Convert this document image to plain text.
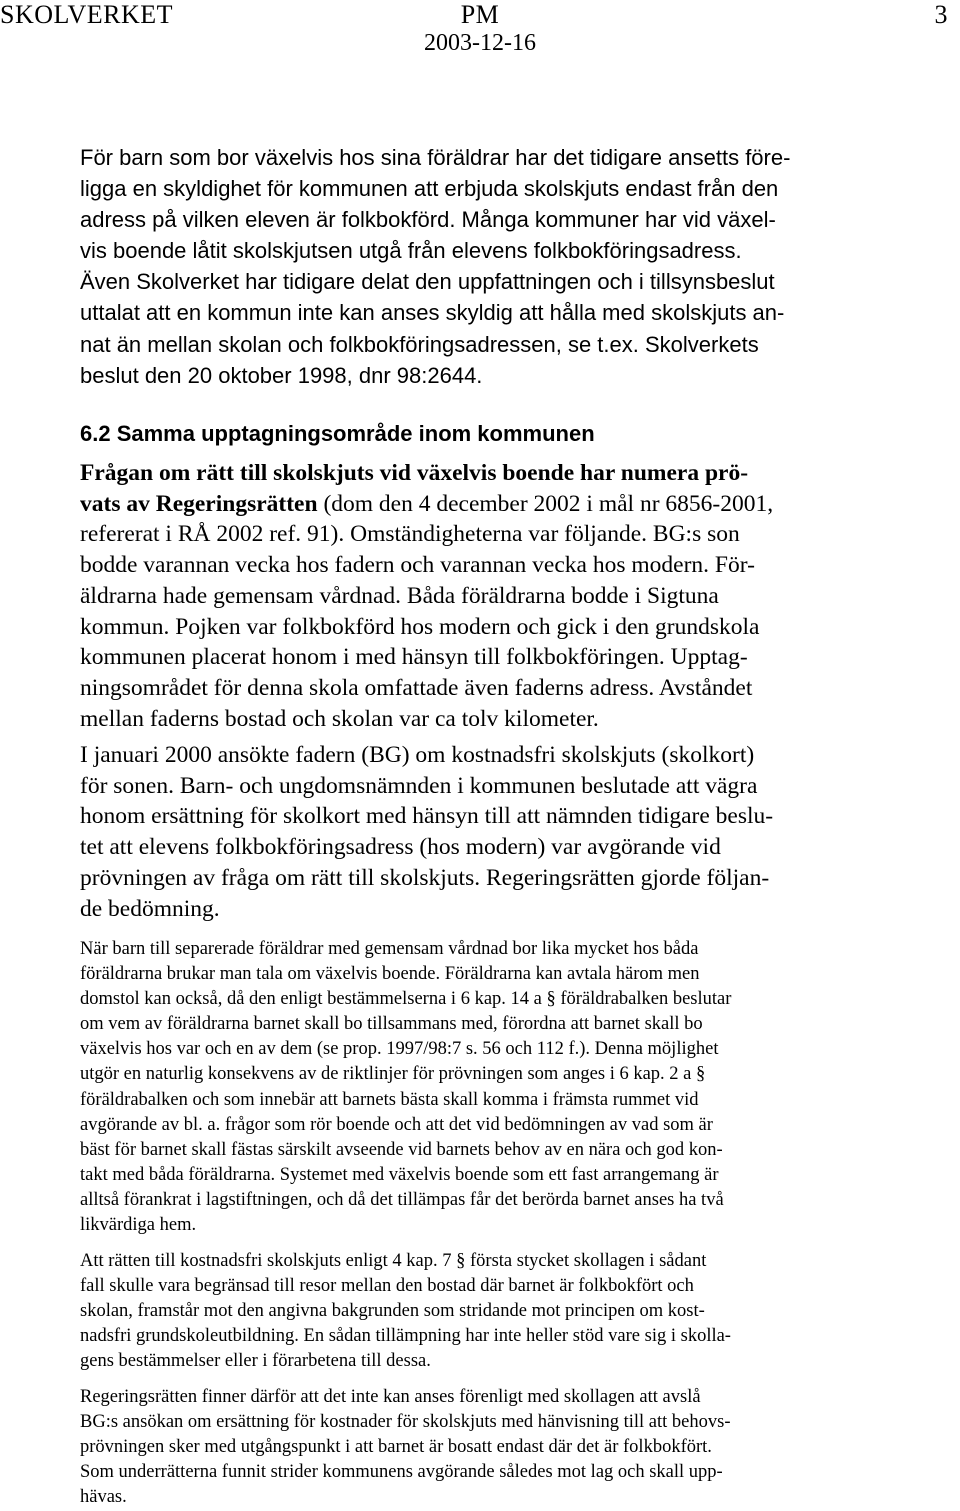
SKOLVERKET	PM	3
2003-12-16
För barn som bor växelvis hos sina föräldrar har det tidigare ansetts före-
ligga en skyldighet för kommunen att erbjuda skolskjuts endast från den
adress på vilken eleven är folkbokförd. Många kommuner har vid växel-
vis boende låtit skolskjutsen utgå från elevens folkbokföringsadress.
Även Skolverket har tidigare delat den uppfattningen och i tillsynsbeslut
uttalat att en kommun inte kan anses skyldig att hålla med skolskjuts an-
nat än mellan skolan och folkbokföringsadressen, se t.ex. Skolverkets
beslut den 20 oktober 1998, dnr 98:2644.
6.2 Samma upptagningsområde inom kommunen
Frågan om rätt till skolskjuts vid växelvis boende har numera prö-
vats av Regeringsrätten (dom den 4 december 2002 i mål nr 6856-2001,
refererat i RÅ 2002 ref. 91). Omständigheterna var följande. BG:s son
bodde varannan vecka hos fadern och varannan vecka hos modern. För-
äldrarna hade gemensam vårdnad. Båda föräldrarna bodde i Sigtuna
kommun. Pojken var folkbokförd hos modern och gick i den grundskola
kommunen placerat honom i med hänsyn till folkbokföringen. Upptag-
ningsområdet för denna skola omfattade även faderns adress. Avståndet
mellan faderns bostad och skolan var ca tolv kilometer.
I januari 2000 ansökte fadern (BG) om kostnadsfri skolskjuts (skolkort)
för sonen. Barn- och ungdomsnämnden i kommunen beslutade att vägra
honom ersättning för skolkort med hänsyn till att nämnden tidigare beslu-
tet att elevens folkbokföringsadress (hos modern) var avgörande vid
prövningen av fråga om rätt till skolskjuts. Regeringsrätten gjorde följan-
de bedömning.
När barn till separerade föräldrar med gemensam vårdnad bor lika mycket hos båda
föräldrarna brukar man tala om växelvis boende. Föräldrarna kan avtala härom men
domstol kan också, då den enligt bestämmelserna i 6 kap. 14 a § föräldrabalken beslutar
om vem av föräldrarna barnet skall bo tillsammans med, förordna att barnet skall bo
växelvis hos var och en av dem (se prop. 1997/98:7 s. 56 och 112 f.). Denna möjlighet
utgör en naturlig konsekvens av de riktlinjer för prövningen som anges i 6 kap. 2 a §
föräldrabalken och som innebär att barnets bästa skall komma i främsta rummet vid
avgörande av bl. a. frågor som rör boende och att det vid bedömningen av vad som är
bäst för barnet skall fästas särskilt avseende vid barnets behov av en nära och god kon-
takt med båda föräldrarna. Systemet med växelvis boende som ett fast arrangemang är
alltså förankrat i lagstiftningen, och då det tillämpas får det berörda barnet anses ha två
likvärdiga hem.
Att rätten till kostnadsfri skolskjuts enligt 4 kap. 7 § första stycket skollagen i sådant
fall skulle vara begränsad till resor mellan den bostad där barnet är folkbokfört och
skolan, framstår mot den angivna bakgrunden som stridande mot principen om kost-
nadsfri grundskoleutbildning. En sådan tillämpning har inte heller stöd vare sig i skolla-
gens bestämmelser eller i förarbetena till dessa.
Regeringsrätten finner därför att det inte kan anses förenligt med skollagen att avslå
BG:s ansökan om ersättning för kostnader för skolskjuts med hänvisning till att behovs-
prövningen sker med utgångspunkt i att barnet är bosatt endast där det är folkbokfört.
Som underrätterna funnit strider kommunens avgörande således mot lag och skall upp-
hävas.
